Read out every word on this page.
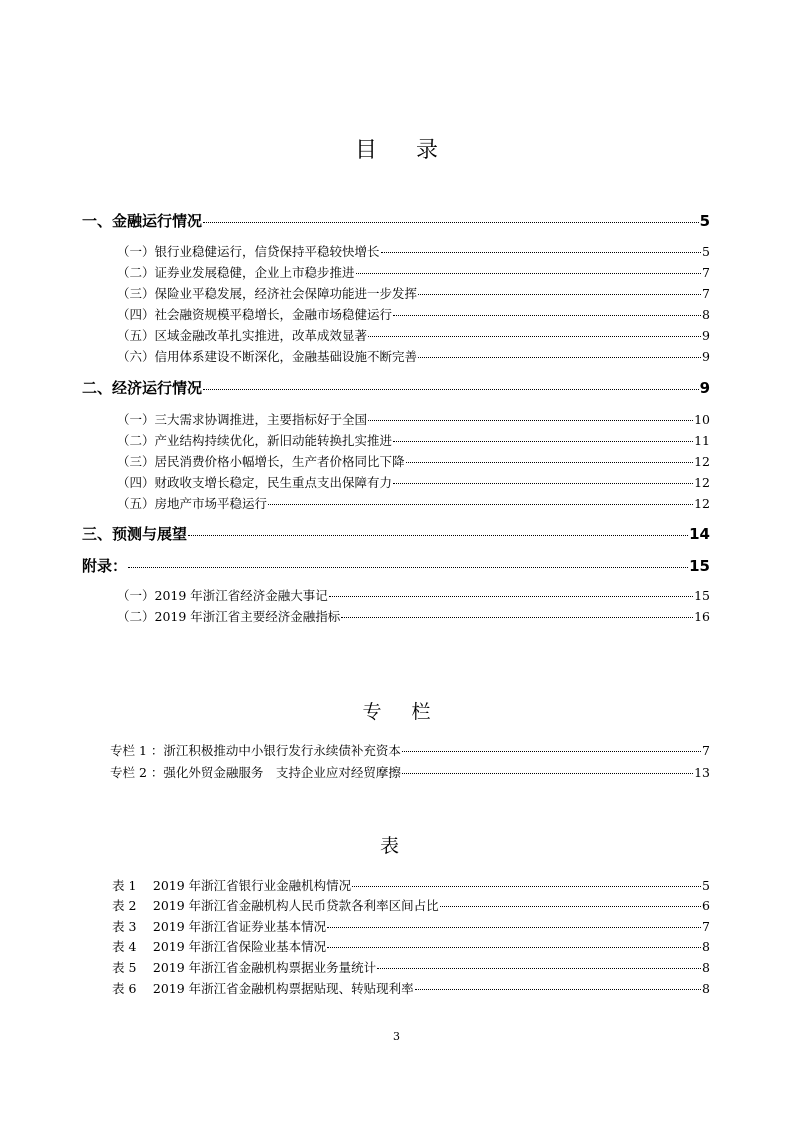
目 录
一、金融运行情况	5
（一）银行业稳健运行，信贷保持平稳较快增长	5
（二）证券业发展稳健，企业上市稳步推进	7
（三）保险业平稳发展，经济社会保障功能进一步发挥	7
（四）社会融资规模平稳增长，金融市场稳健运行	8
（五）区域金融改革扎实推进，改革成效显著	9
（六）信用体系建设不断深化，金融基础设施不断完善	9
二、经济运行情况	9
（一）三大需求协调推进，主要指标好于全国	10
（二）产业结构持续优化，新旧动能转换扎实推进	11
（三）居民消费价格小幅增长，生产者价格同比下降	12
（四）财政收支增长稳定，民生重点支出保障有力	12
（五）房地产市场平稳运行	12
三、预测与展望	14
附录：	15
（一）2019 年浙江省经济金融大事记	15
（二）2019 年浙江省主要经济金融指标	16
专 栏
专栏 1 ：浙江积极推动中小银行发行永续债补充资本	7
专栏 2 ：强化外贸金融服务　支持企业应对经贸摩擦	13
表
表 1　 2019 年浙江省银行业金融机构情况	5
表 2　 2019 年浙江省金融机构人民币贷款各利率区间占比	6
表 3　 2019 年浙江省证券业基本情况	7
表 4　 2019 年浙江省保险业基本情况	8
表 5　 2019 年浙江省金融机构票据业务量统计	8
表 6　 2019 年浙江省金融机构票据贴现、转贴现利率	8
3
